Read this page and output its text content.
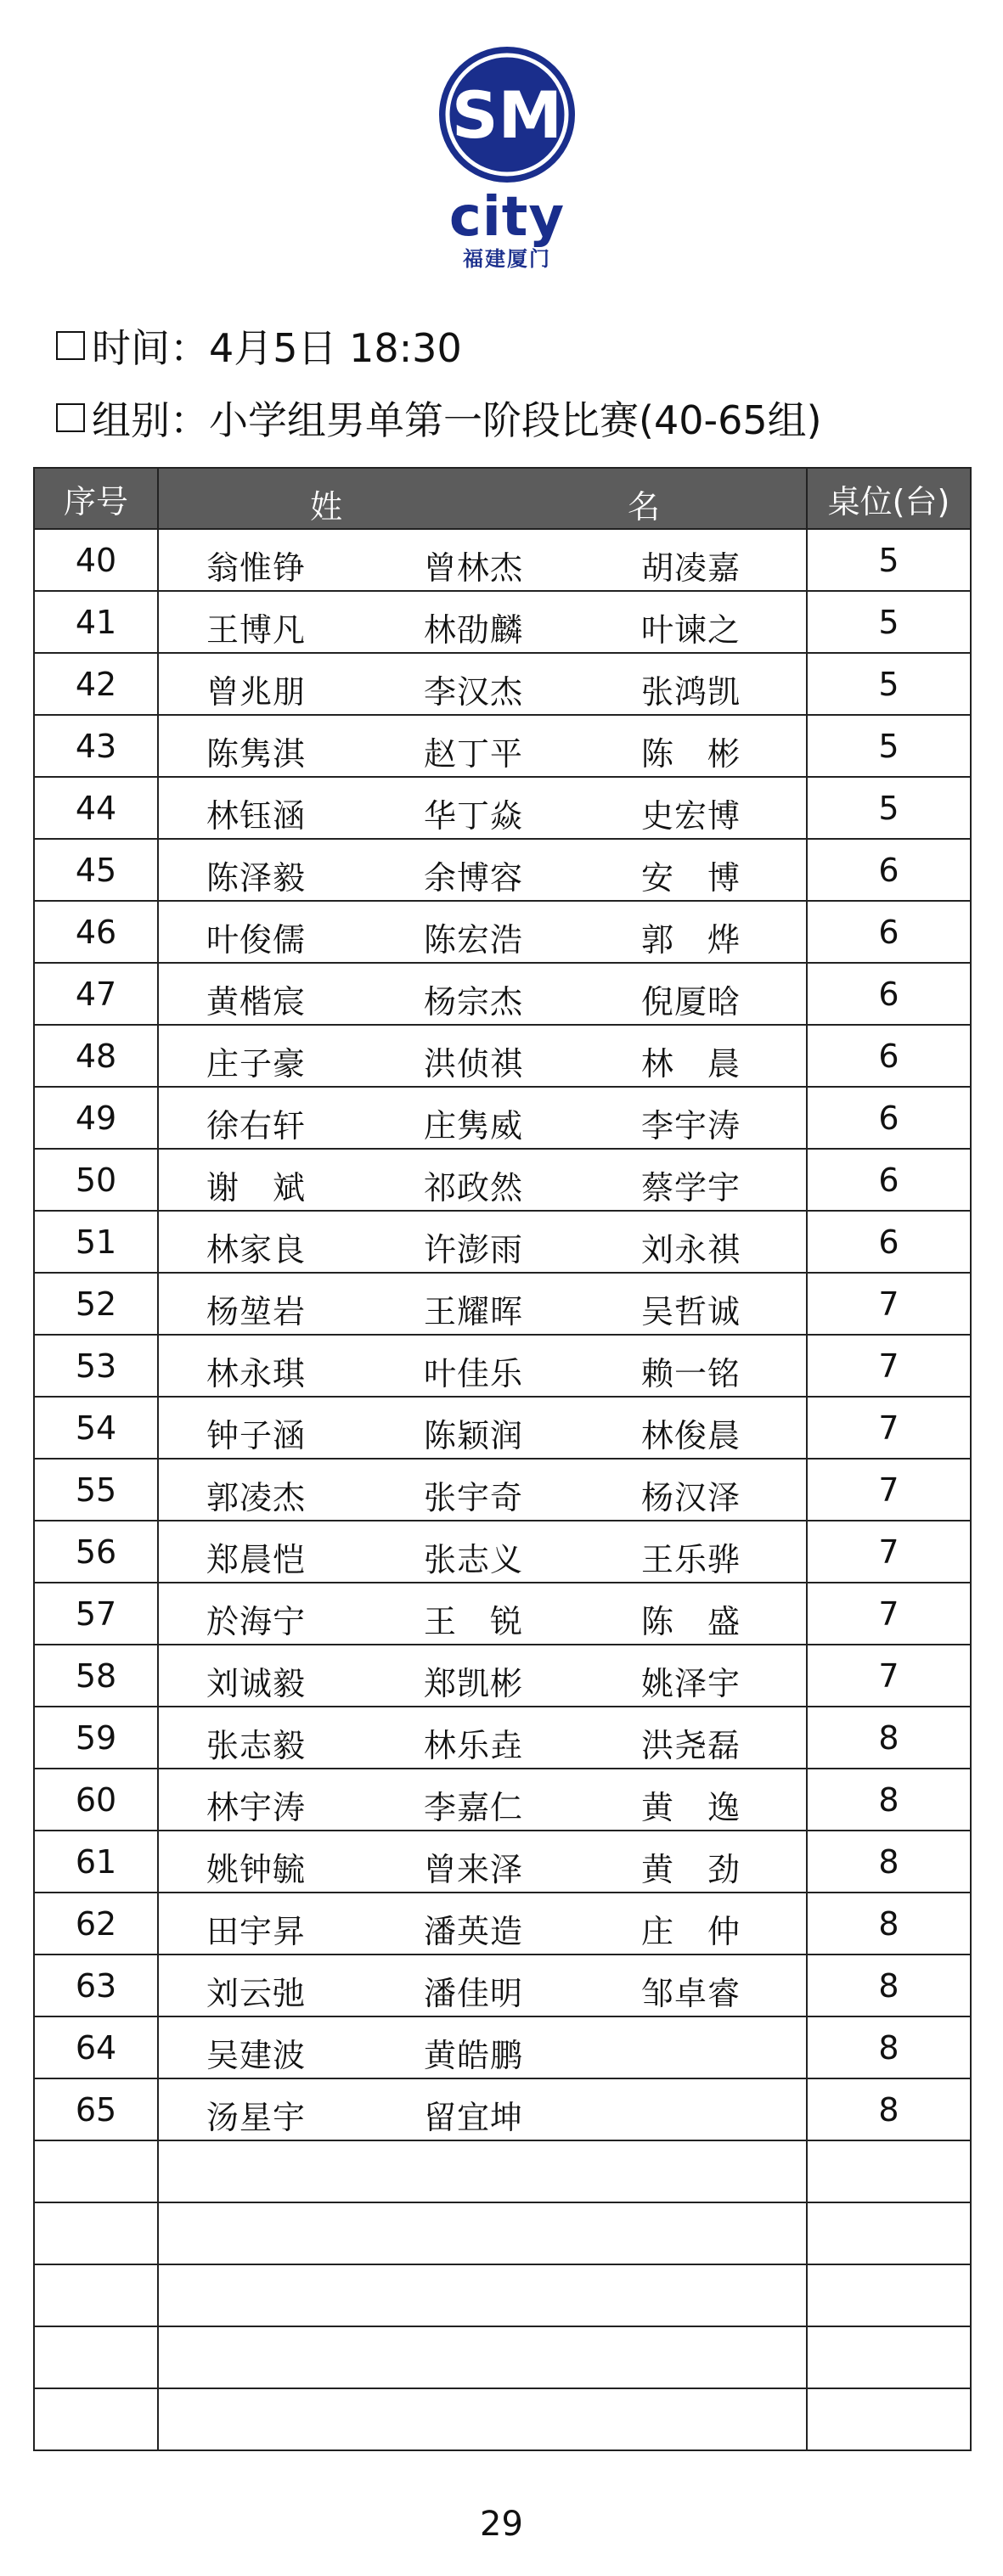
SM
city
福建厦门
时间：4月5日 18:30
组别：小学组男单第一阶段比赛(40-65组)
序号	姓 名	桌位(台)
40	翁惟铮 曾林杰 胡凌嘉	5
41	王博凡 林劭麟 叶谏之	5
42	曾兆朋 李汉杰 张鸿凯	5
43	陈隽淇 赵丁平 陈　彬	5
44	林钰涵 华丁焱 史宏博	5
45	陈泽毅 余博容 安　博	6
46	叶俊儒 陈宏浩 郭　烨	6
47	黄楷宸 杨宗杰 倪厦晗	6
48	庄子豪 洪侦祺 林　晨	6
49	徐右轩 庄隽威 李宇涛	6
50	谢　斌 祁政然 蔡学宇	6
51	林家良 许澎雨 刘永祺	6
52	杨堃岩 王耀晖 吴哲诚	7
53	林永琪 叶佳乐 赖一铭	7
54	钟子涵 陈颖润 林俊晨	7
55	郭凌杰 张宇奇 杨汉泽	7
56	郑晨恺 张志义 王乐骅	7
57	於海宁 王　锐 陈　盛	7
58	刘诚毅 郑凯彬 姚泽宇	7
59	张志毅 林乐垚 洪尧磊	8
60	林宇涛 李嘉仁 黄　逸	8
61	姚钟毓 曾来泽 黄　劲	8
62	田宇昇 潘英造 庄　仲	8
63	刘云弛 潘佳明 邹卓睿	8
64	吴建波 黄皓鹏	8
65	汤星宇 留宜坤	8

29
